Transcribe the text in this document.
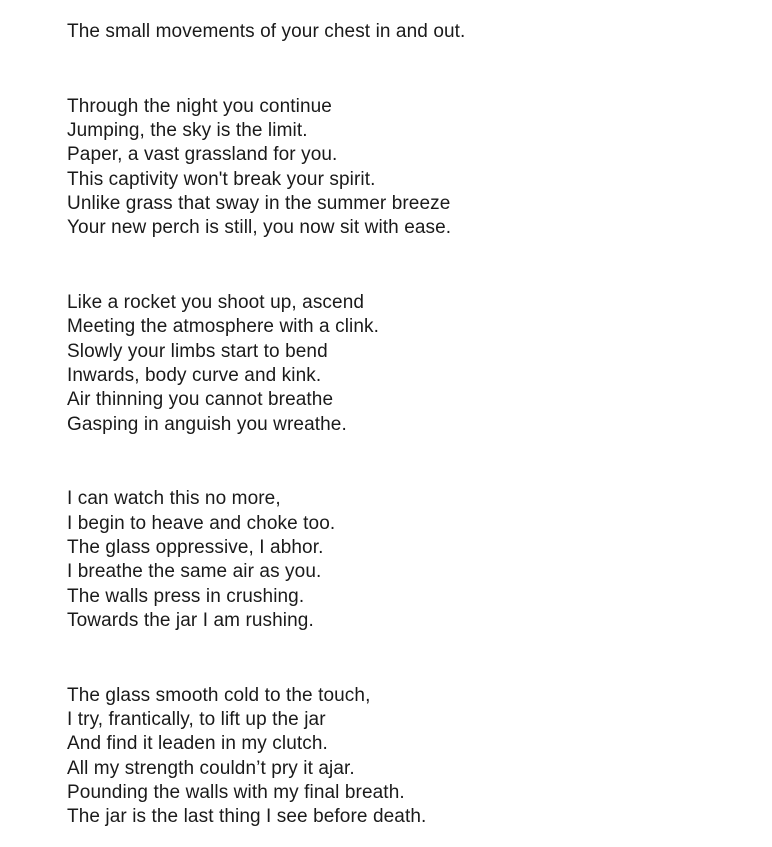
The small movements of your chest in and out.
Through the night you continue
Jumping, the sky is the limit.
Paper, a vast grassland for you.
This captivity won't break your spirit.
Unlike grass that sway in the summer breeze
Your new perch is still, you now sit with ease.
Like a rocket you shoot up, ascend
Meeting the atmosphere with a clink.
Slowly your limbs start to bend
Inwards, body curve and kink.
Air thinning you cannot breathe
Gasping in anguish you wreathe.
I can watch this no more,
I begin to heave and choke too.
The glass oppressive, I abhor.
I breathe the same air as you.
The walls press in crushing.
Towards the jar I am rushing.
The glass smooth cold to the touch,
I try, frantically, to lift up the jar
And find it leaden in my clutch.
All my strength couldn’t pry it ajar.
Pounding the walls with my final breath.
The jar is the last thing I see before death.
